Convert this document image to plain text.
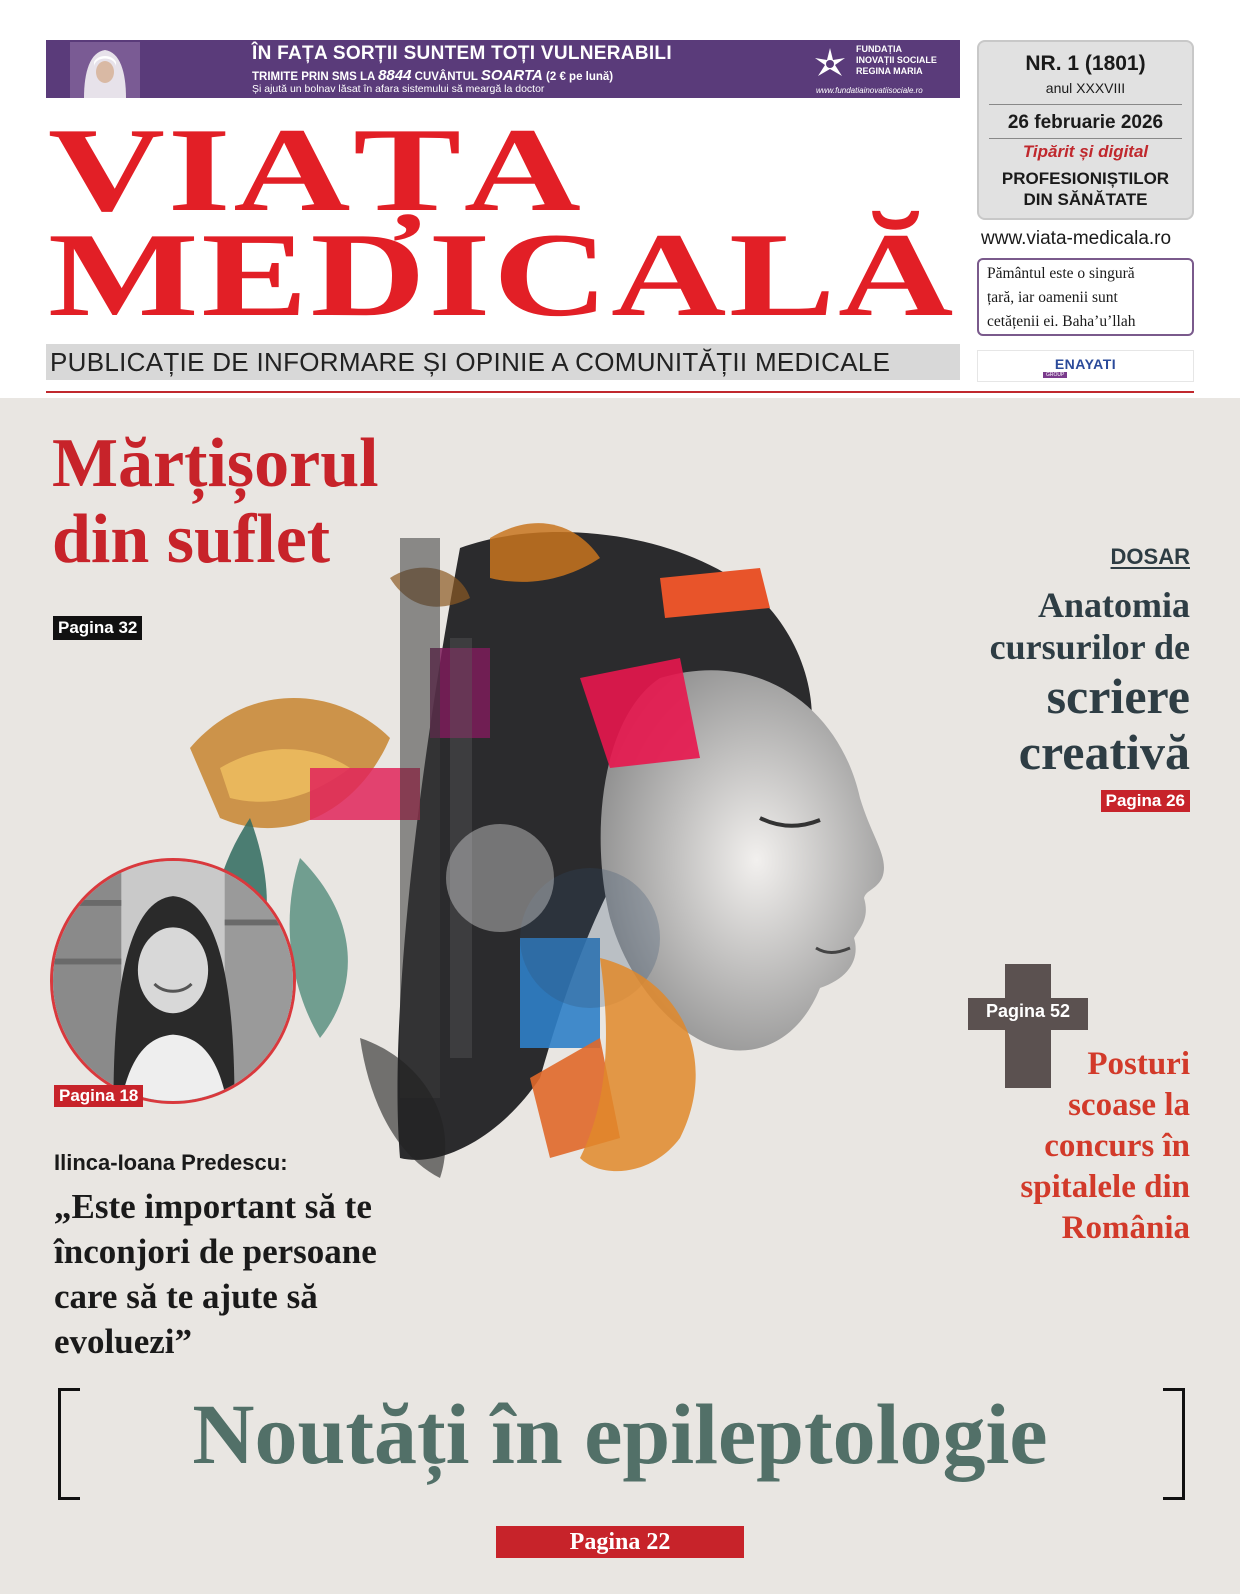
ÎN FAȚA SORȚII SUNTEM TOȚI VULNERABILI
TRIMITE PRIN SMS LA 8844 CUVÂNTUL SOARTA (2 € pe lună)
Și ajută un bolnav lăsat în afara sistemului să meargă la doctor
FUNDAȚIA
INOVAȚII SOCIALE
REGINA MARIA
www.fundatiainovatiisociale.ro
VIAȚA
MEDICALĂ
PUBLICAȚIE DE INFORMARE ȘI OPINIE A COMUNITĂȚII MEDICALE
NR. 1 (1801)
anul XXXVIII
26 februarie 2026
Tipărit și digital
PROFESIONIȘTILOR
DIN SĂNĂTATE
www.viata-medicala.ro
Pământul este o singură
țară, iar oamenii sunt
cetățenii ei. Baha’u’llah
ENAYATI
GROUP
Mărțișorul
din suflet
Pagina 32
DOSAR
Anatomia
cursurilor de
scriere
creativă
Pagina 26
Pagina 18
Ilinca-Ioana Predescu:
„Este important să te înconjori de persoane care să te ajute să evoluezi”
Pagina 52
Posturi
scoase la
concurs în
spitalele din
România
Noutăți în epileptologie
Pagina 22
